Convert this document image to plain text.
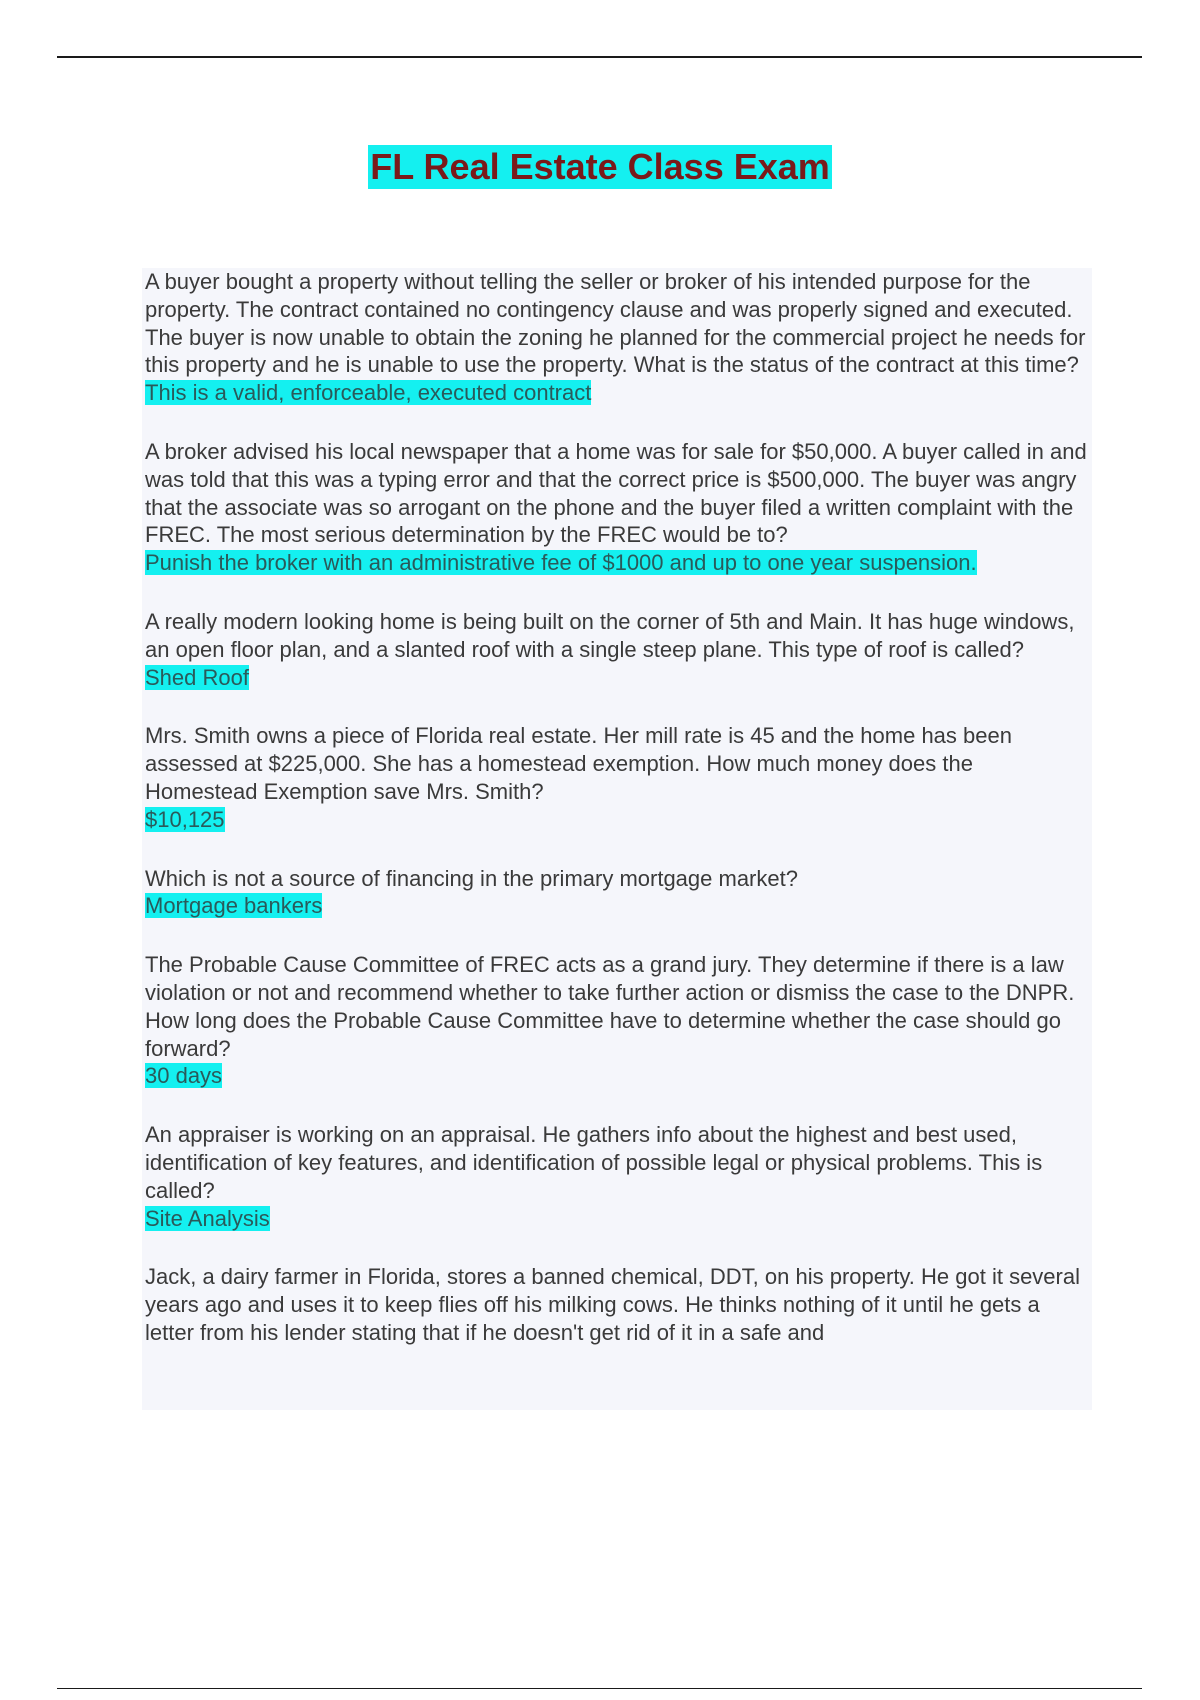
FL Real Estate Class Exam

A buyer bought a property without telling the seller or broker of his intended purpose for the property. The contract contained no contingency clause and was properly signed and executed. The buyer is now unable to obtain the zoning he planned for the commercial project he needs for this property and he is unable to use the property. What is the status of the contract at this time?

This is a valid, enforceable, executed contract

A broker advised his local newspaper that a home was for sale for $50,000. A buyer called in and was told that this was a typing error and that the correct price is $500,000. The buyer was angry that the associate was so arrogant on the phone and the buyer filed a written complaint with the FREC. The most serious determination by the FREC would be to?

Punish the broker with an administrative fee of $1000 and up to one year suspension.

A really modern looking home is being built on the corner of 5th and Main. It has huge windows, an open floor plan, and a slanted roof with a single steep plane. This type of roof is called?

Shed Roof

Mrs. Smith owns a piece of Florida real estate. Her mill rate is 45 and the home has been assessed at $225,000. She has a homestead exemption. How much money does the Homestead Exemption save Mrs. Smith?

$10,125

Which is not a source of financing in the primary mortgage market?

Mortgage bankers

The Probable Cause Committee of FREC acts as a grand jury. They determine if there is a law violation or not and recommend whether to take further action or dismiss the case to the DNPR. How long does the Probable Cause Committee have to determine whether the case should go forward?

30 days

An appraiser is working on an appraisal. He gathers info about the highest and best used, identification of key features, and identification of possible legal or physical problems. This is called?

Site Analysis

Jack, a dairy farmer in Florida, stores a banned chemical, DDT, on his property. He got it several years ago and uses it to keep flies off his milking cows. He thinks nothing of it until he gets a letter from his lender stating that if he doesn't get rid of it in a safe and
